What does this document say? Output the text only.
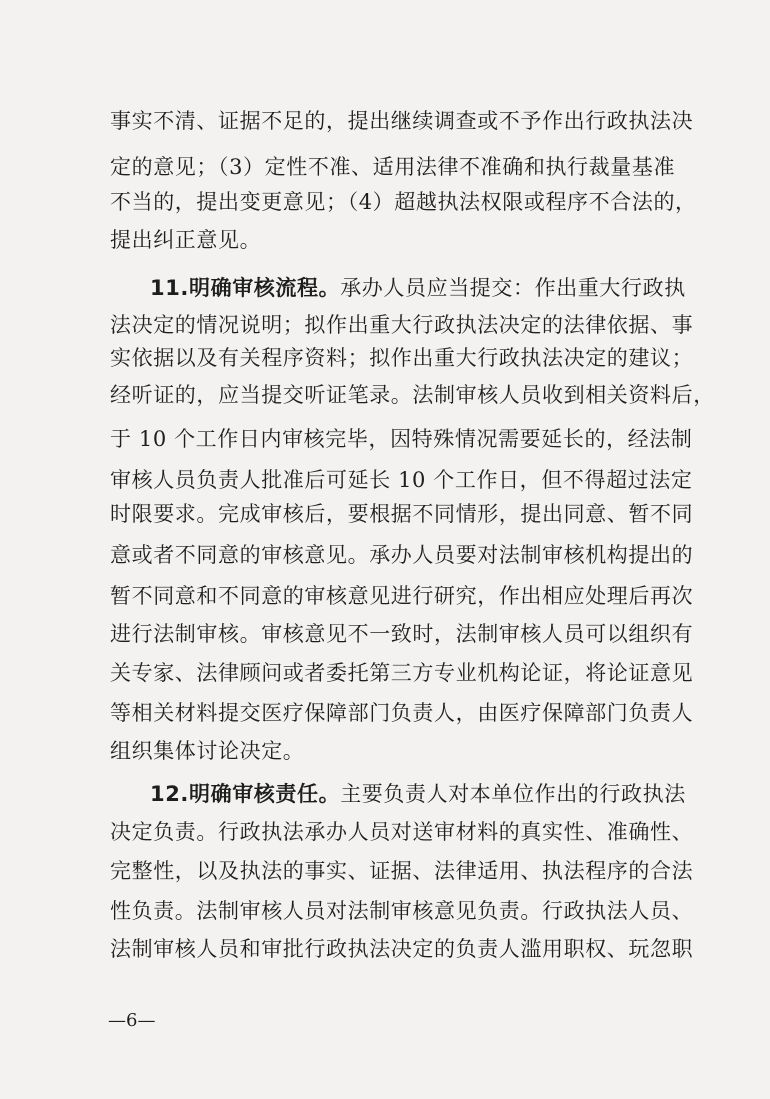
事实不清、证据不足的，提出继续调查或不予作出行政执法决
定的意见；（3）定性不准、适用法律不准确和执行裁量基准
不当的，提出变更意见；（4）超越执法权限或程序不合法的，
提出纠正意见。
11.明确审核流程。承办人员应当提交：作出重大行政执
法决定的情况说明；拟作出重大行政执法决定的法律依据、事
实依据以及有关程序资料；拟作出重大行政执法决定的建议；
经听证的，应当提交听证笔录。法制审核人员收到相关资料后，
于 10 个工作日内审核完毕，因特殊情况需要延长的，经法制
审核人员负责人批准后可延长 10 个工作日，但不得超过法定
时限要求。完成审核后，要根据不同情形，提出同意、暂不同
意或者不同意的审核意见。承办人员要对法制审核机构提出的
暂不同意和不同意的审核意见进行研究，作出相应处理后再次
进行法制审核。审核意见不一致时，法制审核人员可以组织有
关专家、法律顾问或者委托第三方专业机构论证，将论证意见
等相关材料提交医疗保障部门负责人，由医疗保障部门负责人
组织集体讨论决定。
12.明确审核责任。主要负责人对本单位作出的行政执法
决定负责。行政执法承办人员对送审材料的真实性、准确性、
完整性，以及执法的事实、证据、法律适用、执法程序的合法
性负责。法制审核人员对法制审核意见负责。行政执法人员、
法制审核人员和审批行政执法决定的负责人滥用职权、玩忽职
—6—
